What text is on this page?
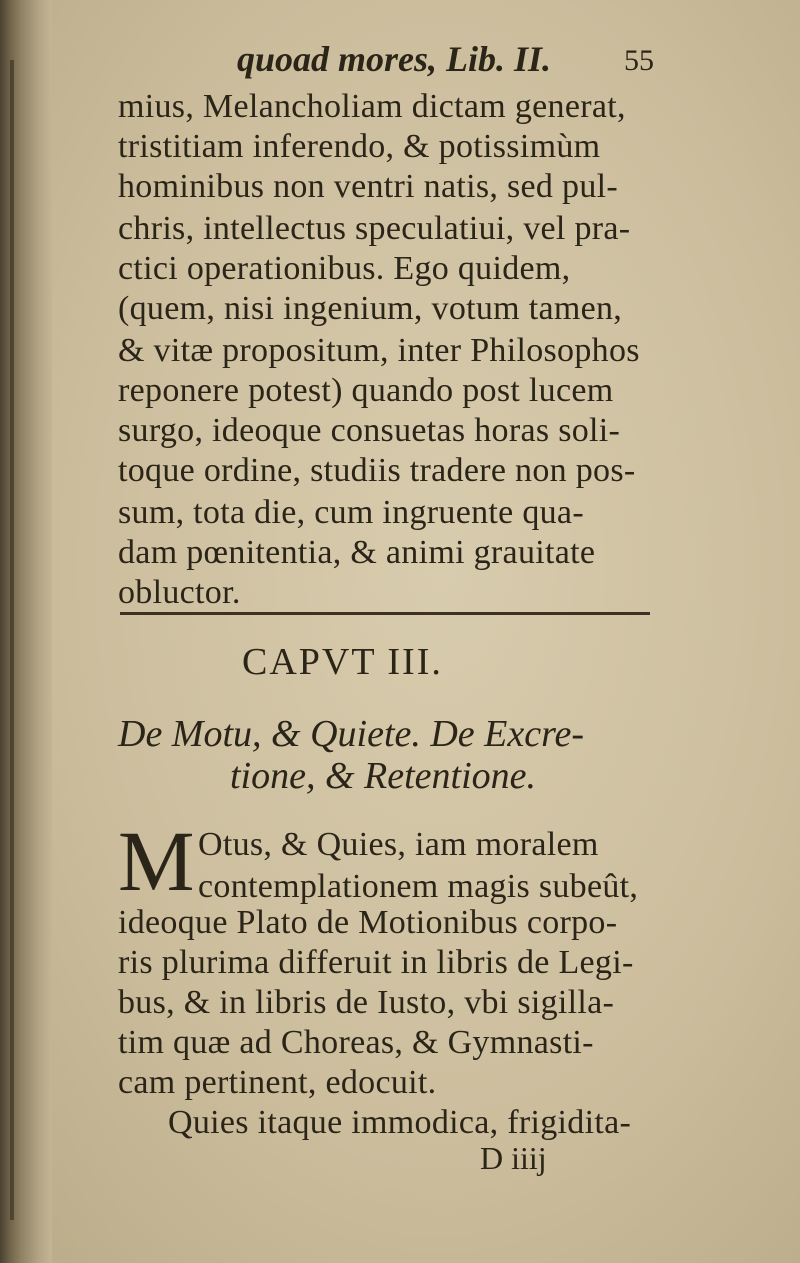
quoad mores, Lib. II. 55
mius, Melancholiam dictam generat,
tristitiam inferendo, & potissimùm
hominibus non ventri natis, sed pul-
chris, intellectus speculatiui, vel pra-
ctici operationibus. Ego quidem,
(quem, nisi ingenium, votum tamen,
& vitæ propositum, inter Philosophos
reponere potest) quando post lucem
surgo, ideoque consuetas horas soli-
toque ordine, studiis tradere non pos-
sum, tota die, cum ingruente qua-
dam pœnitentia, & animi grauitate
obluctor.
CAPVT III.
De Motu, & Quiete. De Excre-
tione, & Retentione.
M Otus, & Quies, iam moralem
contemplationem magis subeût,
ideoque Plato de Motionibus corpo-
ris plurima differuit in libris de Legi-
bus, & in libris de Iusto, vbi sigilla-
tim quæ ad Choreas, & Gymnasti-
cam pertinent, edocuit.
Quies itaque immodica, frigidita-
D iiij
